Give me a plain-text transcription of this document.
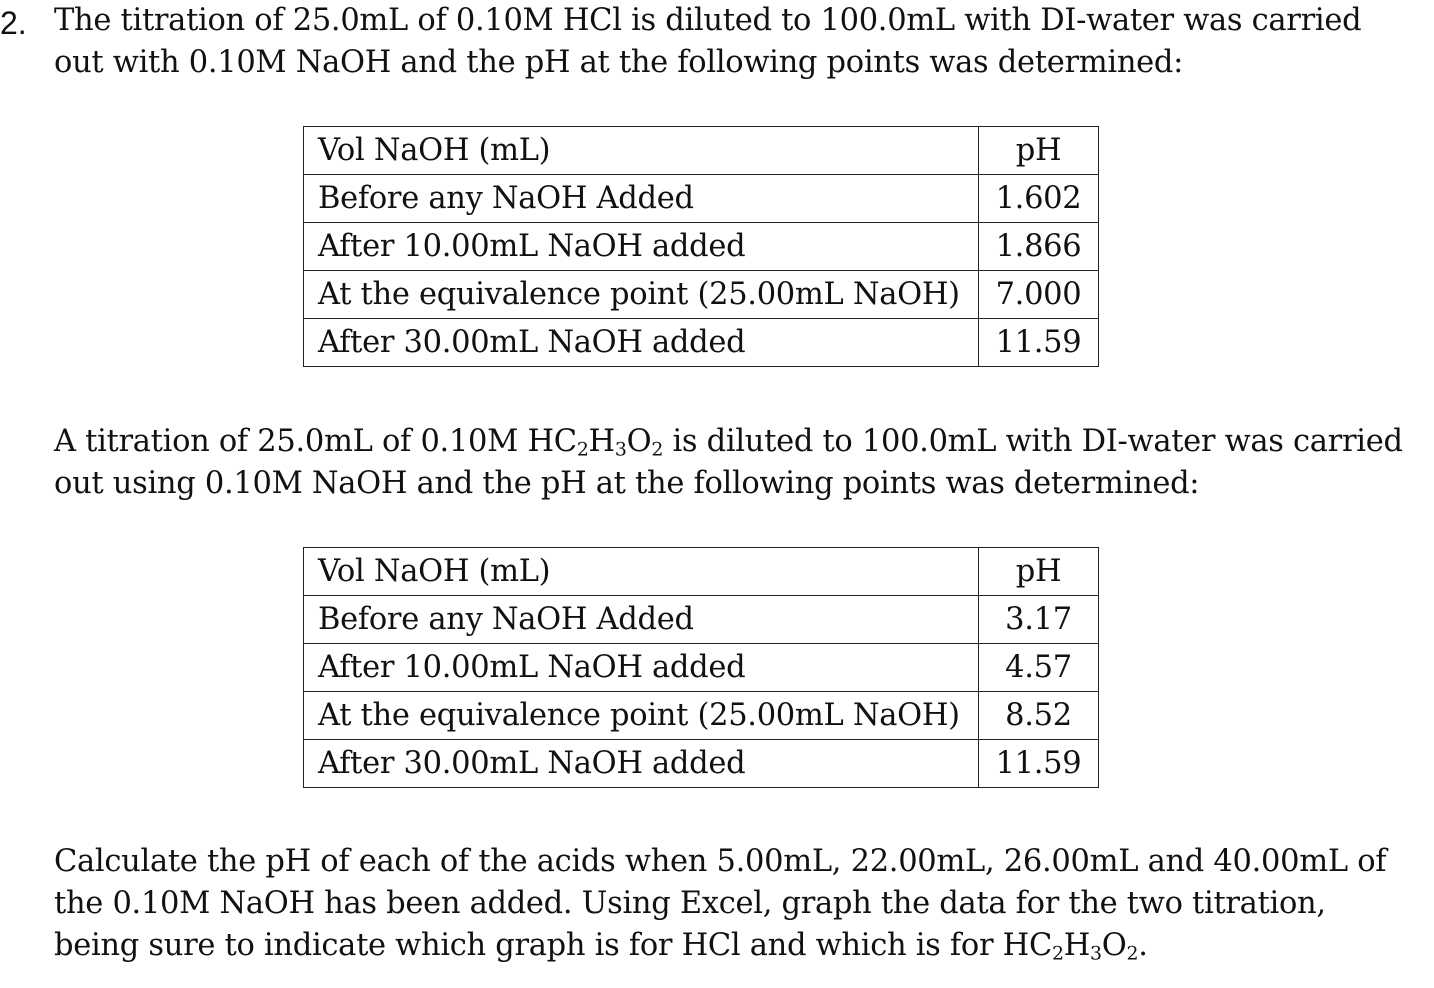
2. The titration of 25.0mL of 0.10M HCl is diluted to 100.0mL with DI-water was carried
out with 0.10M NaOH and the pH at the following points was determined:
Vol NaOH (mL)	pH
Before any NaOH Added	1.602
After 10.00mL NaOH added	1.866
At the equivalence point (25.00mL NaOH)	7.000
After 30.00mL NaOH added	11.59
A titration of 25.0mL of 0.10M $HC_2H_3O_2$ is diluted to 100.0mL with DI-water was carried
out using 0.10M NaOH and the pH at the following points was determined:
Vol NaOH (mL)	pH
Before any NaOH Added	3.17
After 10.00mL NaOH added	4.57
At the equivalence point (25.00mL NaOH)	8.52
After 30.00mL NaOH added	11.59
Calculate the pH of each of the acids when 5.00mL, 22.00mL, 26.00mL and 40.00mL of
the 0.10M NaOH has been added. Using Excel, graph the data for the two titration,
being sure to indicate which graph is for HCl and which is for $HC_2H_3O_2$.
